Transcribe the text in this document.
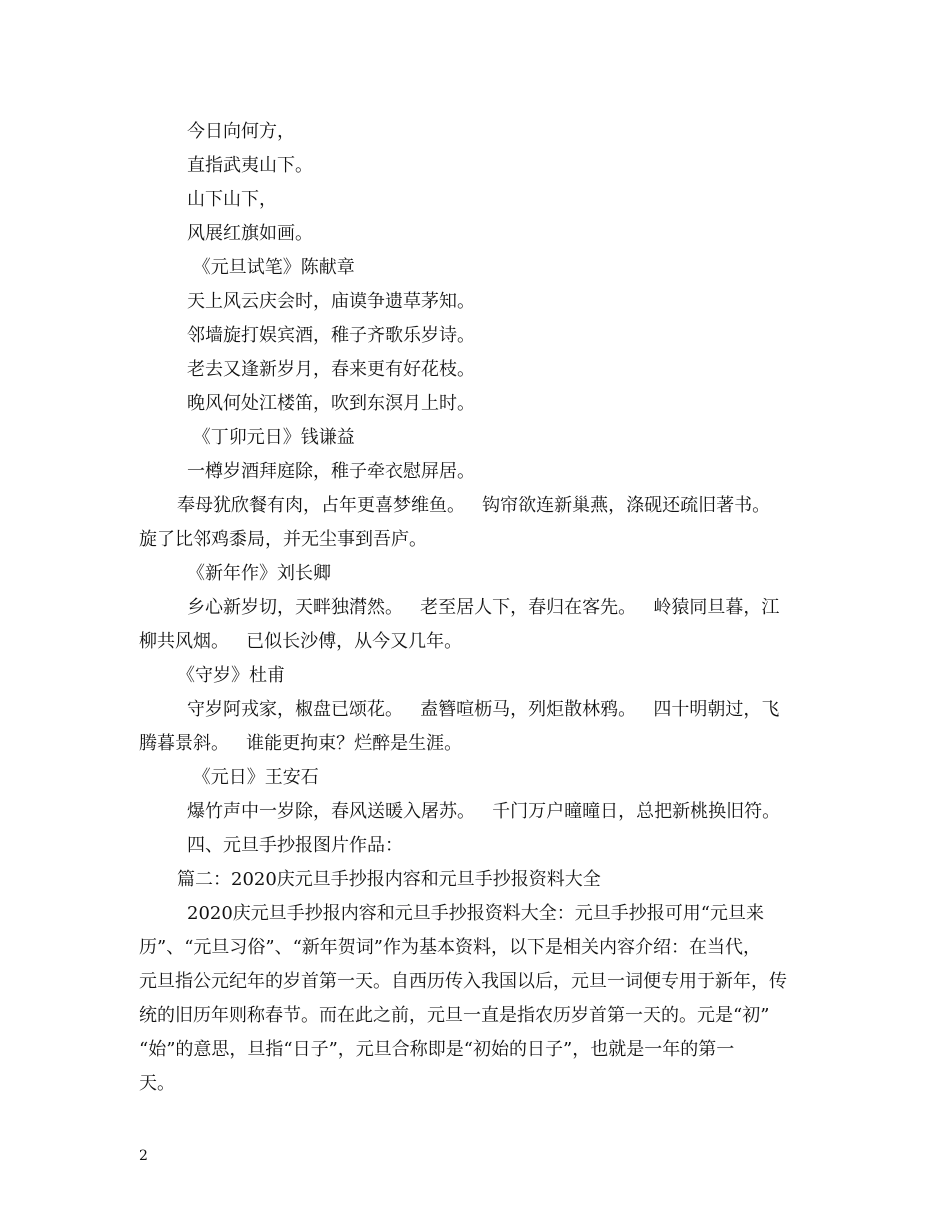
今日向何方，

直指武夷山下。

山下山下，

风展红旗如画。

《元旦试笔》陈献章

天上风云庆会时，庙谟争遗草茅知。

邻墙旋打娱宾酒，稚子齐歌乐岁诗。

老去又逢新岁月，春来更有好花枝。

晚风何处江楼笛，吹到东溟月上时。

《丁卯元日》钱谦益

一樽岁酒拜庭除，稚子牵衣慰屏居。

奉母犹欣餐有肉，占年更喜梦维鱼。   钩帘欲连新巢燕，涤砚还疏旧著书。

旋了比邻鸡黍局，并无尘事到吾庐。

《新年作》刘长卿

乡心新岁切，天畔独潸然。   老至居人下，春归在客先。   岭猿同旦暮，江

柳共风烟。   已似长沙傅，从今又几年。

《守岁》杜甫

守岁阿戎家，椒盘已颂花。   盍簪喧枥马，列炬散林鸦。   四十明朝过，飞

腾暮景斜。   谁能更拘束？烂醉是生涯。

《元日》王安石

爆竹声中一岁除，春风送暖入屠苏。   千门万户曈曈日，总把新桃换旧符。

四、元旦手抄报图片作品：

篇二：2020庆元旦手抄报内容和元旦手抄报资料大全

2020庆元旦手抄报内容和元旦手抄报资料大全：元旦手抄报可用“元旦来

历”、“元旦习俗”、“新年贺词”作为基本资料，以下是相关内容介绍：在当代，

元旦指公元纪年的岁首第一天。自西历传入我国以后，元旦一词便专用于新年，传

统的旧历年则称春节。而在此之前，元旦一直是指农历岁首第一天的。元是“初”

“始”的意思，旦指“日子”，元旦合称即是“初始的日子”，也就是一年的第一

天。

2
